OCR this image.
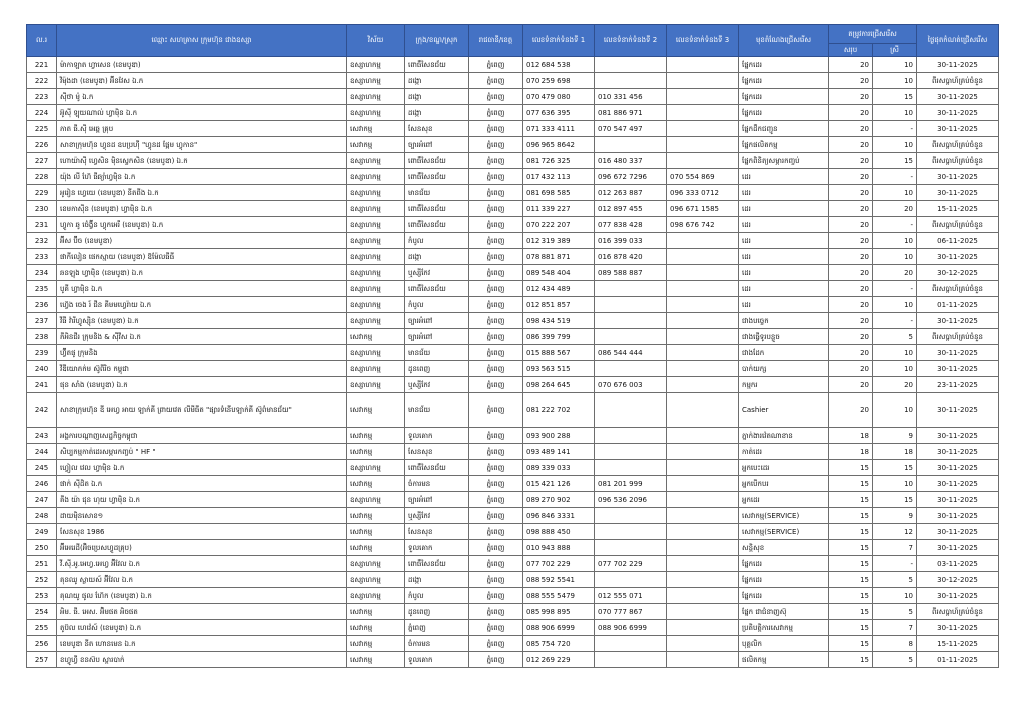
ល.រ	ឈ្មោះ សហគ្រាស ក្រុមហ៊ុន ជាងឧស្សា	វិស័យ	ក្រុង/ខណ្ឌ/ស្រុក	រាជធានី/ខេត្ត	លេខទំនាក់ទំនងទី 1	លេខទំនាក់ទំនងទី 2	លេខទំនាក់ទំនងទី 3	មុខតំណែងជ្រើសរើស	តម្រូវការជ្រើសរើស		ថ្ងៃផុតកំណត់ជ្រើសរើស
									សរុប	ស្រី	
221	ម៉ាកាឡាត ហ្វាសេន (ខេមបូឌា)	ឧស្សាហកម្ម	ពោធិ៍សែនជ័យ	ភ្នំពេញ	012 684 538			ផ្នែកដេរ	20	10	30-11-2025
222	វិម៉ុងដា (ខេមបូឌា) អ៊ីនវែស ឯ.ក	ឧស្សាហកម្ម	ដង្កោ	ភ្នំពេញ	070 259 698			ផ្នែកដេរ	20	10	ពីរសប្ដាហ៍គ្រប់ចំនួន
223	ស៊ីថា ម៉ូ ឯ.ក	ឧស្សាហកម្ម	ដង្កោ	ភ្នំពេញ	070 479 080	010 331 456		ផ្នែកដេរ	20	15	30-11-2025
224	អ៊ូស៊ី ឡុយណាល់ ហ្វាម៉ិន ឯ.ក	ឧស្សាហកម្ម	ដង្កោ	ភ្នំពេញ	077 636 395	081 886 971		ផ្នែកដេរ	20	10	30-11-2025
225	ភាត ធី.ស៊ី អេឆ្ព គ្រុប	សេវាកម្ម	សែនសុខ	ភ្នំពេញ	071 333 4111	070 547 497		ផ្នែកដឹកជញ្ជូន	20	-	30-11-2025
226	សាខាក្រុមហ៊ុន ហ្វុនដ ឧបប្រហ៊ី "ហ្វុនដ ផ្អែម ហ្វុកាន"	សេវាកម្ម	ច្បារអំពៅ	ភ្នំពេញ	096 965 8642			ផ្នែកផលិតកម្ម	20	10	ពីរសប្ដាហ៍គ្រប់ចំនួន
227	ហោយ៉ាស៊ី ហ្វេសិន ម៉ិនស្ទេកសិន (ខេមបូឌា) ឯ.ក	ឧស្សាហកម្ម	ពោធិ៍សែនជ័យ	ភ្នំពេញ	081 726 325	016 480 337		ផ្នែកពិនិត្យសម្ភារកញ្ចប់	20	15	ពីរសប្ដាហ៍គ្រប់ចំនួន
228	យ៉ុង លី ហ៊ែ ធីឆ្យ៉ាហ្វម៉ិន ឯ.ក	ឧស្សាហកម្ម	ពោធិ៍សែនជ័យ	ភ្នំពេញ	017 432 113	096 672 7296	070 554 869	ដេរ	20	-	30-11-2025
229	អូរៀន ហ្វេយេ (ខេមបូឌា) នីតពីង ឯ.ក	ឧស្សាហកម្ម	មានជ័យ	ភ្នំពេញ	081 698 585	012 263 887	096 333 0712	ដេរ	20	10	30-11-2025
230	ខេមកាស៊ីន (ខេមបូឌា) ហ្វាម៉ិន ឯ.ក	ឧស្សាហកម្ម	ពោធិ៍សែនជ័យ	ភ្នំពេញ	011 339 227	012 897 455	096 671 1585	ដេរ	20	20	15-11-2025
231	ហ្វូកា ឆូ ចេំង្វ៊ីន ហ្វុកអេរឺ (ខេមបូឌា) ឯ.ក	ឧស្សាហកម្ម	ពោធិ៍សែនជ័យ	ភ្នំពេញ	070 222 207	077 838 428	098 676 742	ដេរ	20	-	ពីរសប្ដាហ៍គ្រប់ចំនួន
232	អ៊ីស ប៊ីច (ខេមបូឌា)	ឧស្សាហកម្ម	កំបូល	ភ្នំពេញ	012 319 389	016 399 033		ដេរ	20	10	06-11-2025
233	ផាកីលៀន ផេកស្មាយ (ខេមបូឌា) ឱម៉ែលធីធី	ឧស្សាហកម្ម	ដង្កោ	ភ្នំពេញ	078 881 871	016 878 420		ដេរ	20	10	30-11-2025
234	ឆនឡុង ហ្វាម៉ិន (ខេមបូឌា) ឯ.ក	ឧស្សាហកម្ម	ឬស្សីកែវ	ភ្នំពេញ	089 548 404	089 588 887		ដេរ	20	20	30-12-2025
235	បូគី ហ្វាម៉ិន ឯ.ក	ឧស្សាហកម្ម	ពោធិ៍សែនជ័យ	ភ្នំពេញ	012 434 489			ដេរ	20	-	ពីរសប្ដាហ៍គ្រប់ចំនួន
236	ហ៊្វេង ចេង រ៍ ជីន គីមមហ្វេ​រ៉ាយ ឯ.ក	ឧស្សាហកម្ម	កំបូល	ភ្នំពេញ	012 851 857			ដេរ	20	10	01-11-2025
237	វីធី វ៉ារីហ្វូស្ស៊ិន (ខេមបូឌា) ឯ.ក	ឧស្សាហកម្ម	ច្បារអំពៅ	ភ្នំពេញ	098 434 519			ជាងបច្ចេក	20	-	30-11-2025
238	ភីអិនជីរ ក្រុមនិង & ស៊ីវីស ឯ.ក	សេវាកម្ម	ច្បារអំពៅ	ភ្នំពេញ	086 399 799			ជាងធ្វើទូរបន្លួច	20	5	ពីរសប្ដាហ៍គ្រប់ចំនួន
239	ហ្វ៊ីតផូ ក្រុមនិង	ឧស្សាហកម្ម	មានជ័យ	ភ្នំពេញ	015 888 567	086 544 444		ជាងដែក	20	10	30-11-2025
240	វីឌីយោភក់ម ស៊ូពីរិច កម្ពុជា	ឧស្សាហកម្ម	ដូនពេញ	ភ្នំពេញ	093 563 515			បាក់យក្ស	20	10	30-11-2025
241	ផុន សាំង (ខេមបូឌា) ឯ.ក	ឧស្សាហកម្ម	ឬស្សីកែវ	ភ្នំពេញ	098 264 645	070 676 003		កម្មករ	20	20	23-11-2025
242	សាខាក្រុមហ៊ុន ឌី អេហ្វ អាយ ឡាក់គី ព្រាយវេត លីមីធីត "ផ្សារទំនើបឡាក់គី ស៊ូពំមានជ័យ"	សេវាកម្ម	មានជ័យ	ភ្នំពេញ	081 222 702			Cashier	20	10	30-11-2025
243	អង្គការបណ្ដាញសេដ្ឋកិច្ចកម្ពុជា	សេវាកម្ម	ទួលគោក	ភ្នំពេញ	093 900 288			ភ្នាក់ងារវ៉េតណាខាន	18	9	30-11-2025
244	សិប្បកម្មកាត់ដេរសម្ភារកញ្ចប់ " HF "	សេវាកម្ម	សែនសុខ	ភ្នំពេញ	093 489 141			កាត់ដេរ	18	18	30-11-2025
245	ហ្វៀល វេល ហ្វាម៉ិន ឯ.ក	ឧស្សាហកម្ម	ពោធិ៍សែនជ័យ	ភ្នំពេញ	089 339 033			អ្នកបេះដេរ	15	15	30-11-2025
246	ផាក់ ស៊ីដិត ឯ.ក	សេវាកម្ម	ចំការមន	ភ្នំពេញ	015 421 126	081 201 999		អ្នកបើកបរ	15	10	30-11-2025
247	គីង យ៉ា ជុន ហុយ ហ្វាម៉ិន ឯ.ក	ឧស្សាហកម្ម	ច្បារអំពៅ	ភ្នំពេញ	089 270 902	096 536 2096		អ្នកដេរ	15	15	30-11-2025
248	ដាយម៉ិនសោខ១	សេវាកម្ម	ឬស្សីកែវ	ភ្នំពេញ	096 846 3331			សេវាកម្ម(SERVICE)	15	9	30-11-2025
249	សែនសុខ 1986	សេវាកម្ម	សែនសុខ	ភ្នំពេញ	098 888 450			សេវាកម្ម(SERVICE)	15	12	30-11-2025
250	អ៊ីអេរេដី(អ៊ិចប្រេសហ្វូដគ្រុប)	សេវាកម្ម	ទួលគោក	ភ្នំពេញ	010 943 888			សន្តិសុខ	15	7	30-11-2025
251	វី.ស៊ី.អូ.អេហ្វ.អេហ្វ អ៊ីវែល ឯ.ក	ឧស្សាហកម្ម	ពោធិ៍សែនជ័យ	ភ្នំពេញ	077 702 229	077 702 229		ផ្នែកដេរ	15	-	03-11-2025
252	គុនឈូ ស្លាយស៍ អ៊ីវែល ឯ.ក	ឧស្សាហកម្ម	ដង្កោ	ភ្នំពេញ	088 592 5541			ផ្នែកដេរ	15	5	30-12-2025
253	គុណយូ ផូល ហ៊ែក (ខេមបូឌា) ឯ.ក	ឧស្សាហកម្ម	កំបូល	ភ្នំពេញ	088 555 5479	012 555 071		ផ្នែកដេរ	15	10	30-11-2025
254	អិម. ធី. អេស. អ៊ិមផត អិចផត	សេវាកម្ម	ដូនពេញ	ភ្នំពេញ	085 998 895	070 777 867		ផ្នែក ជាជំនាញស៊ុ	15	5	ពីរសប្ដាហ៍គ្រប់ចំនួន
255	តូប៊ល ហេវ៉េស៍ (ខេមបូឌា) ឯ.ក	សេវាកម្ម	ភ្នំពេញ	ភ្នំពេញ	088 906 6999	088 906 6999		ប្រតិបត្តិការសេវាកម្ម	15	7	30-11-2025
256	ខេមបូឌា នីត ហោនមេន ឯ.ក	សេវាកម្ម	ចំការមន	ភ្នំពេញ	085 754 720			បុគ្គលិក	15	8	15-11-2025
257	ខហ្វូហ្វី ខនស៊ប ស្តារបាក់	សេវាកម្ម	ទួលគោក	ភ្នំពេញ	012 269 229			ផលិតកម្ម	15	5	01-11-2025
